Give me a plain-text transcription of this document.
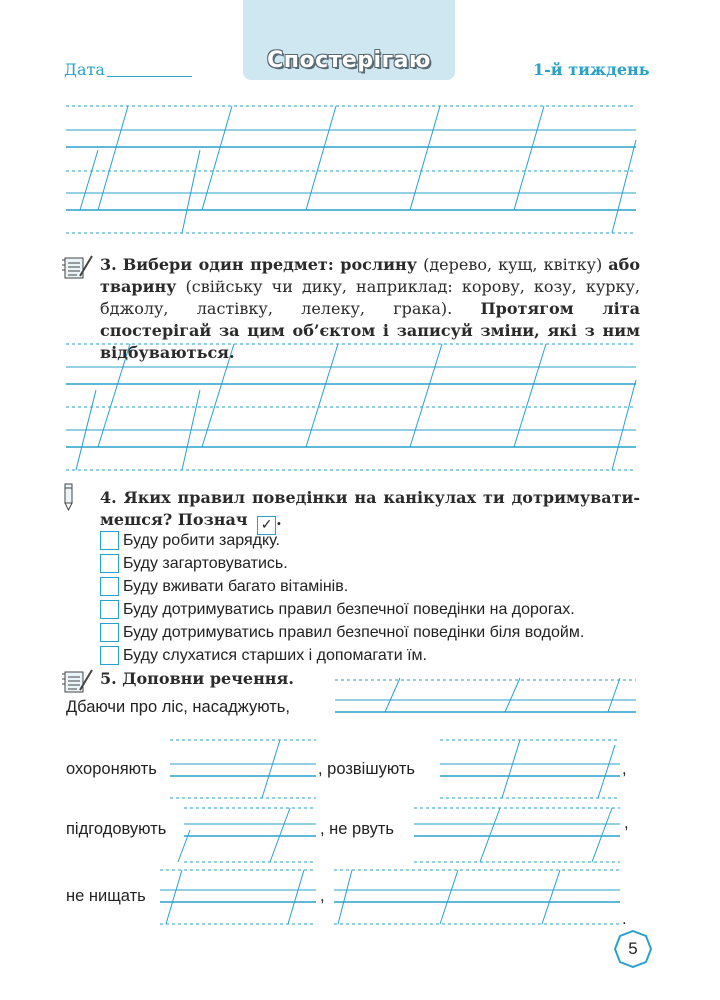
Спостерігаю
Дата	1-й тиждень
3. Вибери один предмет: рослину (дерево, кущ, квітку) або тварину (свійську чи дику, наприклад: корову, козу, курку, бджолу, ластівку, лелеку, грака). Протягом літа спостерігай за цим об’єктом і записуй зміни, які з ним відбуваються.
4. Яких правил поведінки на канікулах ти дотримувати-
мешся? Познач ✓ .
Буду робити зарядку.
Буду загартовуватись.
Буду вживати багато вітамінів.
Буду дотримуватись правил безпечної поведінки на дорогах.
Буду дотримуватись правил безпечної поведінки біля водойм.
Буду слухатися старших і допомагати їм.
5. Доповни речення.
Дбаючи про ліс, насаджують,
охороняють	, розвішують	,
підгодовують	, не рвуть	,
не нищать	,
.
5
